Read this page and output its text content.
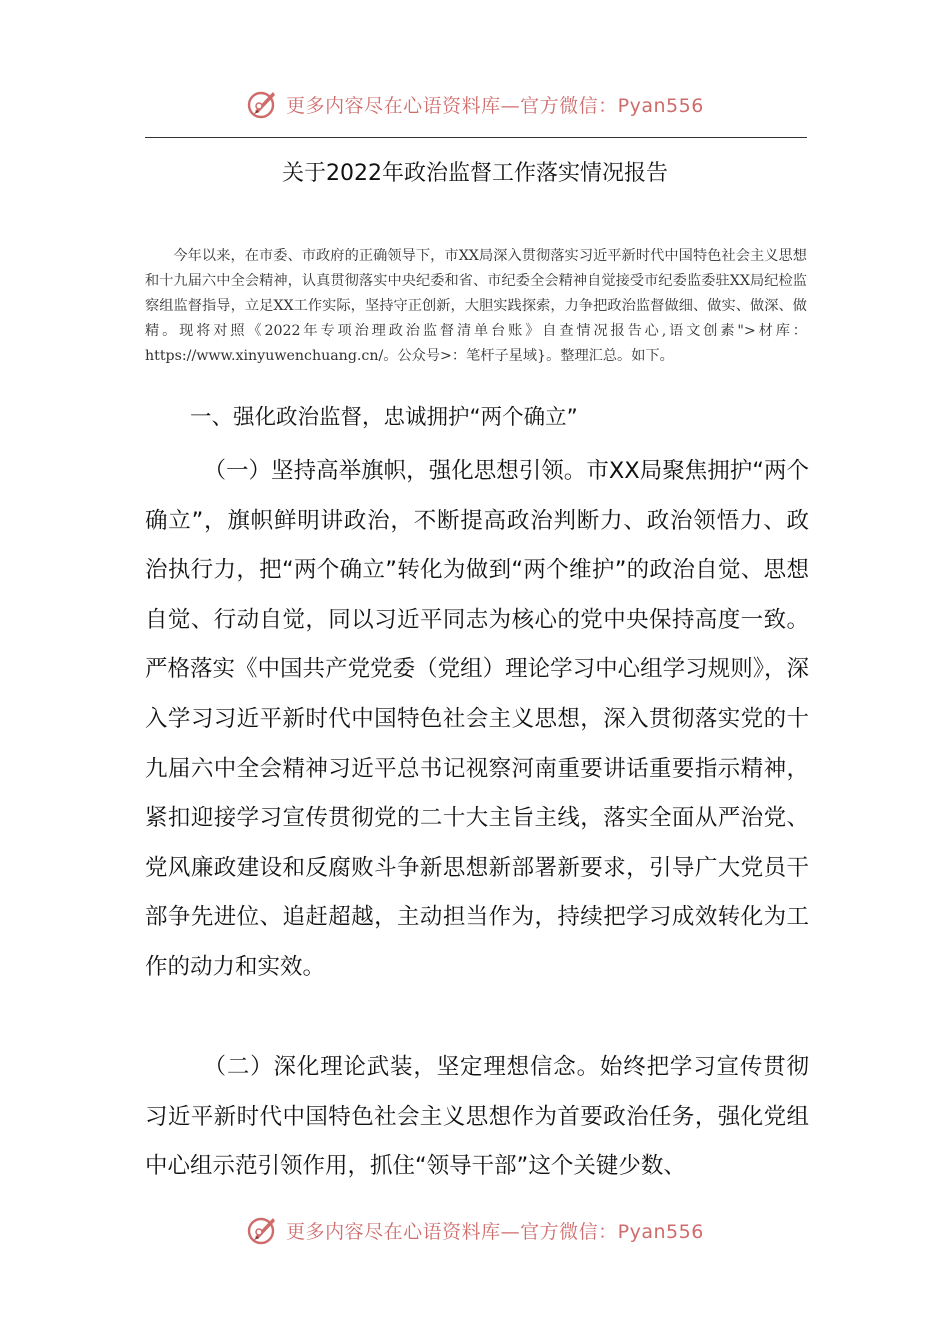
更多内容尽在心语资料库—官方微信：Pyan556
关于2022年政治监督工作落实情况报告

今年以来，在市委、市政府的正确领导下，市XX局深入贯彻落实习近平新时代中国特色社会主义思想和十九届六中全会精神，认真贯彻落实中央纪委和省、市纪委全会精神自觉接受市纪委监委驻XX局纪检监察组监督指导，立足XX工作实际，坚持守正创新，大胆实践探索，力争把政治监督做细、做实、做深、做精。现将对照《2022年专项治理政治监督清单台账》自查情况报告心,语文创素">材库：https://www.xinyuwenchuang.cn/。公众号>：笔杆子星域}。整理汇总。如下。

一、强化政治监督，忠诚拥护“两个确立”

（一）坚持高举旗帜，强化思想引领。市XX局聚焦拥护“两个确立”，旗帜鲜明讲政治，不断提高政治判断力、政治领悟力、政治执行力，把“两个确立”转化为做到“两个维护”的政治自觉、思想自觉、行动自觉，同以习近平同志为核心的党中央保持高度一致。严格落实《中国共产党党委（党组）理论学习中心组学习规则》，深入学习习近平新时代中国特色社会主义思想，深入贯彻落实党的十九届六中全会精神习近平总书记视察河南重要讲话重要指示精神，紧扣迎接学习宣传贯彻党的二十大主旨主线，落实全面从严治党、党风廉政建设和反腐败斗争新思想新部署新要求，引导广大党员干部争先进位、追赶超越，主动担当作为，持续把学习成效转化为工作的动力和实效。

（二）深化理论武装，坚定理想信念。始终把学习宣传贯彻习近平新时代中国特色社会主义思想作为首要政治任务，强化党组中心组示范引领作用，抓住“领导干部”这个关键少数、

更多内容尽在心语资料库—官方微信：Pyan556
